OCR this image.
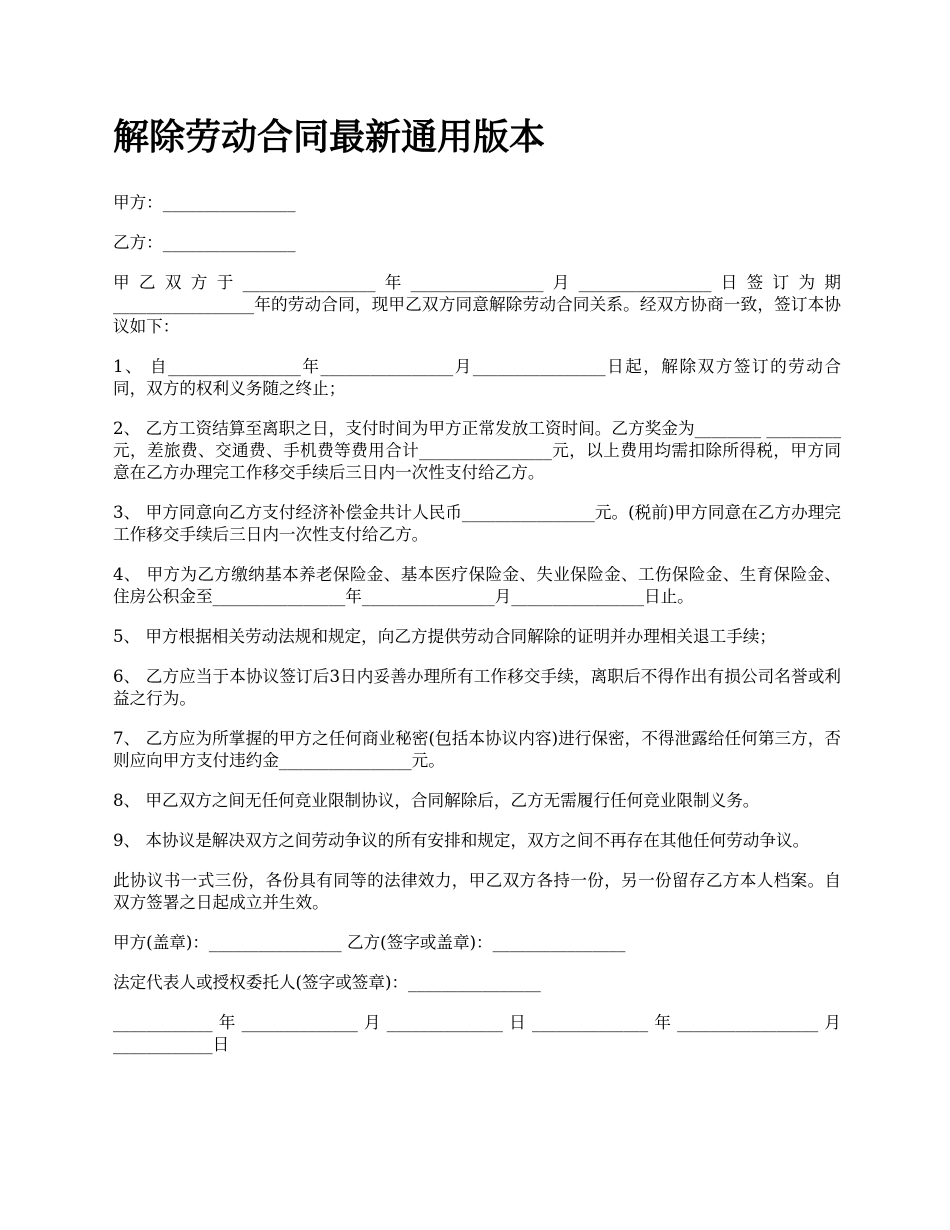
解除劳动合同最新通用版本

甲方：________________

乙方：________________

甲乙双方于________________年________________月________________日签订为期_________________年的劳动合同，现甲乙双方同意解除劳动合同关系。经双方协商一致，签订本协议如下：

1、 自________________年________________月________________日起，解除双方签订的劳动合同，双方的权利义务随之终止；

2、 乙方工资结算至离职之日，支付时间为甲方正常发放工资时间。乙方奖金为________ _________元，差旅费、交通费、手机费等费用合计________________元，以上费用均需扣除所得税，甲方同意在乙方办理完工作移交手续后三日内一次性支付给乙方。

3、 甲方同意向乙方支付经济补偿金共计人民币________________元。(税前)甲方同意在乙方办理完工作移交手续后三日内一次性支付给乙方。

4、 甲方为乙方缴纳基本养老保险金、基本医疗保险金、失业保险金、工伤保险金、生育保险金、住房公积金至________________年________________月________________日止。

5、 甲方根据相关劳动法规和规定，向乙方提供劳动合同解除的证明并办理相关退工手续；

6、 乙方应当于本协议签订后3日内妥善办理所有工作移交手续，离职后不得作出有损公司名誉或利益之行为。

7、 乙方应为所掌握的甲方之任何商业秘密(包括本协议内容)进行保密，不得泄露给任何第三方，否则应向甲方支付违约金________________元。

8、 甲乙双方之间无任何竞业限制协议，合同解除后，乙方无需履行任何竞业限制义务。

9、 本协议是解决双方之间劳动争议的所有安排和规定，双方之间不再存在其他任何劳动争议。

此协议书一式三份，各份具有同等的法律效力，甲乙双方各持一份，另一份留存乙方本人档案。自双方签署之日起成立并生效。

甲方(盖章)：________________ 乙方(签字或盖章)：________________

法定代表人或授权委托人(签字或签章)：________________

____________年______________月______________日______________年_________________月____________日
